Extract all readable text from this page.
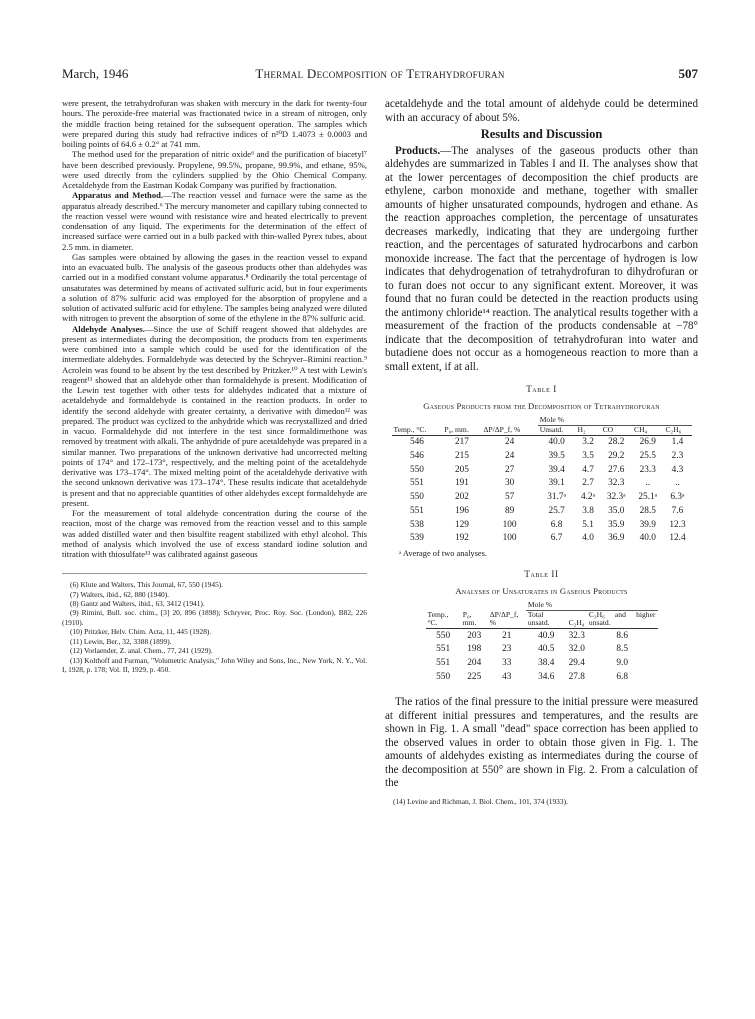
March, 1946	Thermal Decomposition of Tetrahydrofuran	507

were present, the tetrahydrofuran was shaken with mercury in the dark for twenty-four hours. The peroxide-free material was fractionated twice in a stream of nitrogen, only the middle fraction being retained for the subsequent operation. The samples which were prepared during this study had refractive indices of n²⁰D 1.4073 ± 0.0003 and boiling points of 64.6 ± 0.2° at 741 mm.

The method used for the preparation of nitric oxide⁶ and the purification of biacetyl⁷ have been described previously. Propylene, 99.5%, propane, 99.9%, and ethane, 95%, were used directly from the cylinders supplied by the Ohio Chemical Company. Acetaldehyde from the Eastman Kodak Company was purified by fractionation.

Apparatus and Method.—The reaction vessel and furnace were the same as the apparatus already described.⁶ The mercury manometer and capillary tubing connected to the reaction vessel were wound with resistance wire and heated electrically to prevent condensation of any liquid. The experiments for the determination of the effect of increased surface were carried out in a bulb packed with thin-walled Pyrex tubes, about 2.5 mm. in diameter.

Gas samples were obtained by allowing the gases in the reaction vessel to expand into an evacuated bulb. The analysis of the gaseous products other than aldehydes was carried out in a modified constant volume apparatus.⁸ Ordinarily the total percentage of unsaturates was determined by means of activated sulfuric acid, but in four experiments a solution of 87% sulfuric acid was employed for the absorption of propylene and a solution of activated sulfuric acid for ethylene. The samples being analyzed were diluted with nitrogen to prevent the absorption of some of the ethylene in the 87% sulfuric acid.

Aldehyde Analyses.—Since the use of Schiff reagent showed that aldehydes are present as intermediates during the decomposition, the products from ten experiments were combined into a sample which could be used for the identification of the intermediate aldehydes. Formaldehyde was detected by the Schryver–Rimini reaction.⁹ Acrolein was found to be absent by the test described by Pritzker.¹⁰ A test with Lewin's reagent¹¹ showed that an aldehyde other than formaldehyde is present. Modification of the Lewin test together with other tests for aldehydes indicated that a mixture of acetaldehyde and formaldehyde is contained in the reaction products. In order to identify the second aldehyde with greater certainty, a derivative with dimedon¹² was prepared. The product was cyclized to the anhydride which was recrystallized and dried in vacuo. Formaldehyde did not interfere in the test since formaldimethone was removed by treatment with alkali. The anhydride of pure acetaldehyde was prepared in a similar manner. Two preparations of the unknown derivative had uncorrected melting points of 174° and 172–173°, respectively, and the melting point of the acetaldehyde derivative was 173–174°. The mixed melting point of the acetaldehyde derivative with the second unknown derivative was 173–174°. These results indicate that acetaldehyde is present and that no appreciable quantities of other aldehydes except formaldehyde are present.

For the measurement of total aldehyde concentration during the course of the reaction, most of the charge was removed from the reaction vessel and to this sample was added distilled water and then bisulfite reagent stabilized with ethyl alcohol. This method of analysis which involved the use of excess standard iodine solution and titration with thiosulfate¹³ was calibrated against gaseous

(6) Klute and Walters, This Journal, 67, 550 (1945).
(7) Walters, ibid., 62, 880 (1940).
(8) Gantz and Walters, ibid., 63, 3412 (1941).
(9) Rimini, Bull. soc. chim., [3] 20, 896 (1898); Schryver, Proc. Roy. Soc. (London), B82, 226 (1910).
(10) Pritzker, Helv. Chim. Acta, 11, 445 (1928).
(11) Lewin, Ber., 32, 3388 (1899).
(12) Vorlaender, Z. anal. Chem., 77, 241 (1929).
(13) Kolthoff and Furman, "Volumetric Analysis," John Wiley and Sons, Inc., New York, N. Y., Vol. I, 1928, p. 178; Vol. II, 1929, p. 450.

acetaldehyde and the total amount of aldehyde could be determined with an accuracy of about 5%.

Results and Discussion

Products.—The analyses of the gaseous products other than aldehydes are summarized in Tables I and II. The analyses show that at the lower percentages of decomposition the chief products are ethylene, carbon monoxide and methane, together with smaller amounts of higher unsaturated compounds, hydrogen and ethane. As the reaction approaches completion, the percentage of unsaturates decreases markedly, indicating that they are undergoing further reaction, and the percentages of saturated hydrocarbons and carbon monoxide increase. The fact that the percentage of hydrogen is low indicates that dehydrogenation of tetrahydrofuran to dihydrofuran or to furan does not occur to any significant extent. Moreover, it was found that no furan could be detected in the reaction products using the antimony chloride¹⁴ reaction. The analytical results together with a measurement of the fraction of the products condensable at −78° indicate that the decomposition of tetrahydrofuran into water and butadiene does not occur as a homogeneous reaction to more than a small extent, if at all.

Table I
Gaseous Products from the Decomposition of Tetrahydrofuran
			Mole %				
Temp., °C.	P₀, mm.	ΔP/ΔP_f, %	Unsatd.	H₂	CO	CH₄	C₂H₆
546	217	24	40.0	3.2	28.2	26.9	1.4
546	215	24	39.5	3.5	29.2	25.5	2.3
550	205	27	39.4	4.7	27.6	23.3	4.3
551	191	30	39.1	2.7	32.3	..	..
550	202	57	31.7ᵃ	4.2ᵃ	32.3ᵃ	25.1ᵃ	6.3ᵃ
551	196	89	25.7	3.8	35.0	28.5	7.6
538	129	100	6.8	5.1	35.9	39.9	12.3
539	192	100	6.7	4.0	36.9	40.0	12.4
ᵃ Average of two analyses.
Table II
Analyses of Unsaturates in Gaseous Products
			Mole %		
Temp., °C.	P₀, mm.	ΔP/ΔP_f, %	Total unsatd.	C₂H₄	C₃H₆ and higher unsatd.
550	203	21	40.9	32.3	8.6
551	198	23	40.5	32.0	8.5
551	204	33	38.4	29.4	9.0
550	225	43	34.6	27.8	6.8

The ratios of the final pressure to the initial pressure were measured at different initial pressures and temperatures, and the results are shown in Fig. 1. A small "dead" space correction has been applied to the observed values in order to obtain those given in Fig. 1. The amounts of aldehydes existing as intermediates during the course of the decomposition at 550° are shown in Fig. 2. From a calculation of the

(14) Levine and Richman, J. Biol. Chem., 101, 374 (1933).
